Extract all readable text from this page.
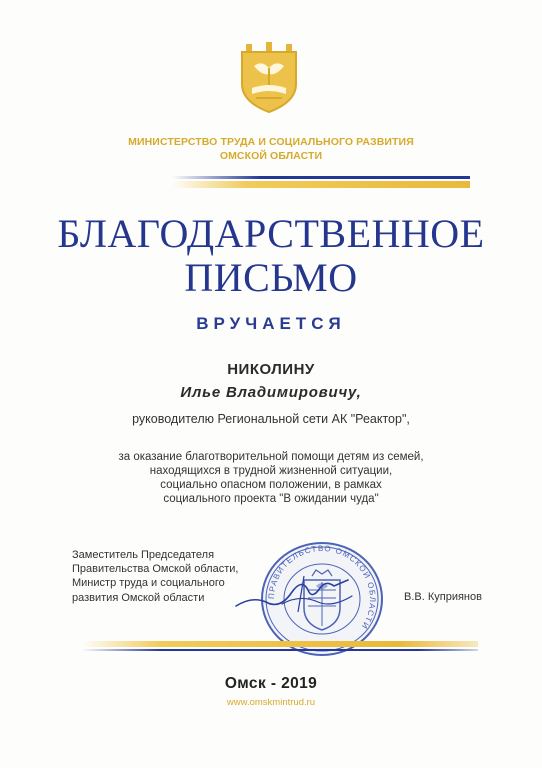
МИНИСТЕРСТВО ТРУДА И СОЦИАЛЬНОГО РАЗВИТИЯ
ОМСКОЙ ОБЛАСТИ
БЛАГОДАРСТВЕННОЕ
ПИСЬМО
ВРУЧАЕТСЯ
НИКОЛИНУ
Илье Владимировичу,
руководителю Региональной сети АК "Реактор",
за оказание благотворительной помощи детям из семей,
находящихся в трудной жизненной ситуации,
социально опасном положении, в рамках
социального проекта "В ожидании чуда"
Заместитель Председателя
Правительства Омской области,
Министр труда и социального
развития Омской области	ПРАВИТЕЛЬСТВО ОМСКОЙ ОБЛАСТИ
В.В. Куприянов
Омск - 2019
www.omskmintrud.ru
